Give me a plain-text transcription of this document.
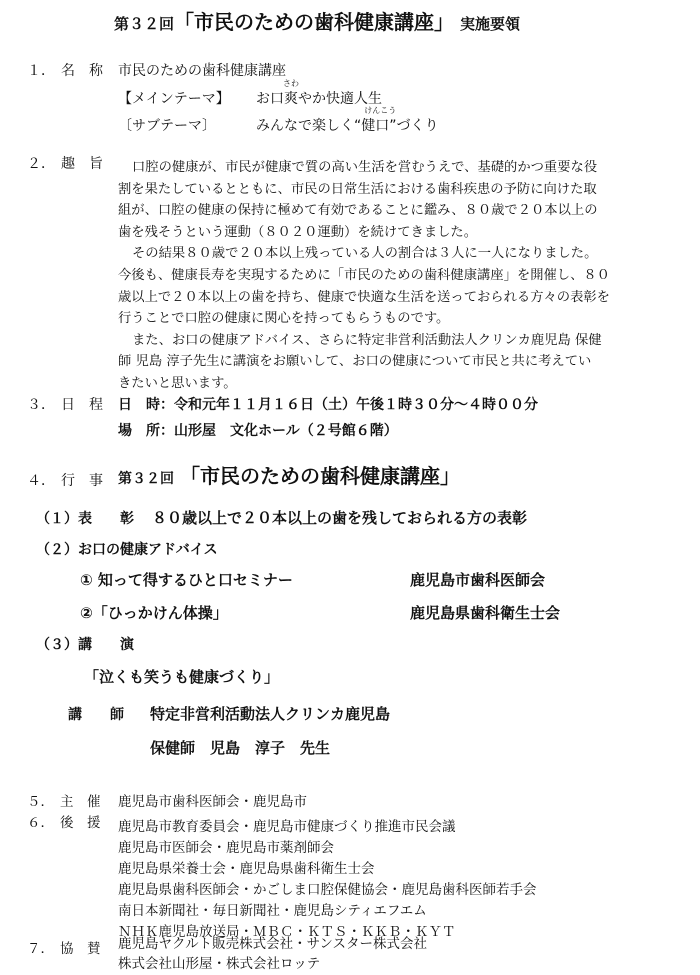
第３２回「市民のための歯科健康講座」 実施要領
１． 名　称 市民のための歯科健康講座
【メインテーマ】 お口
さわ
爽やか快適人生
〔サブテーマ〕	みんなで楽しく“
けんこう
健口”づくり
２． 趣　旨	口腔の健康が、市民が健康で質の高い生活を営むうえで、基礎的かつ重要な役
割を果たしているとともに、市民の日常生活における歯科疾患の予防に向けた取
組が、口腔の健康の保持に極めて有効であることに鑑み、８０歳で２０本以上の
歯を残そうという運動（８０２０運動）を続けてきました。
その結果８０歳で２０本以上残っている人の割合は３人に一人になりました。
今後も、健康長寿を実現するために「市民のための歯科健康講座」を開催し、８０
歳以上で２０本以上の歯を持ち、健康で快適な生活を送っておられる方々の表彰を
行うことで口腔の健康に関心を持ってもらうものです。
また、お口の健康アドバイス、さらに特定非営利活動法人クリンカ鹿児島 保健
師 児島 淳子先生に講演をお願いして、お口の健康について市民と共に考えてい
きたいと思います。
３． 日　程 日　時：令和元年１１月１６日（土）午後１時３０分～４時００分
場　所：山形屋　文化ホール（２号館６階）
４． 行　事 第３２回 「市民のための歯科健康講座」
（１）表　　彰 ８０歳以上で２０本以上の歯を残しておられる方の表彰
（２）お口の健康アドバイス
① 知って得するひと口セミナー	鹿児島市歯科医師会
②「ひっかけん体操」	鹿児島県歯科衛生士会
（３）講　　演
「泣くも笑うも健康づくり」
講　　師 特定非営利活動法人クリンカ鹿児島
保健師　児島　淳子　先生
５． 主　催 鹿児島市歯科医師会・鹿児島市
６． 後　援 鹿児島市教育委員会・鹿児島市健康づくり推進市民会議
鹿児島市医師会・鹿児島市薬剤師会
鹿児島県栄養士会・鹿児島県歯科衛生士会
鹿児島県歯科医師会・かごしま口腔保健協会・鹿児島歯科医師若手会
南日本新聞社・毎日新聞社・鹿児島シティエフエム
ＮＨＫ鹿児島放送局・ＭＢＣ・ＫＴＳ・ＫＫＢ・ＫＹＴ
７． 協　賛 鹿児島ヤクルト販売株式会社・サンスター株式会社
株式会社山形屋・株式会社ロッテ
